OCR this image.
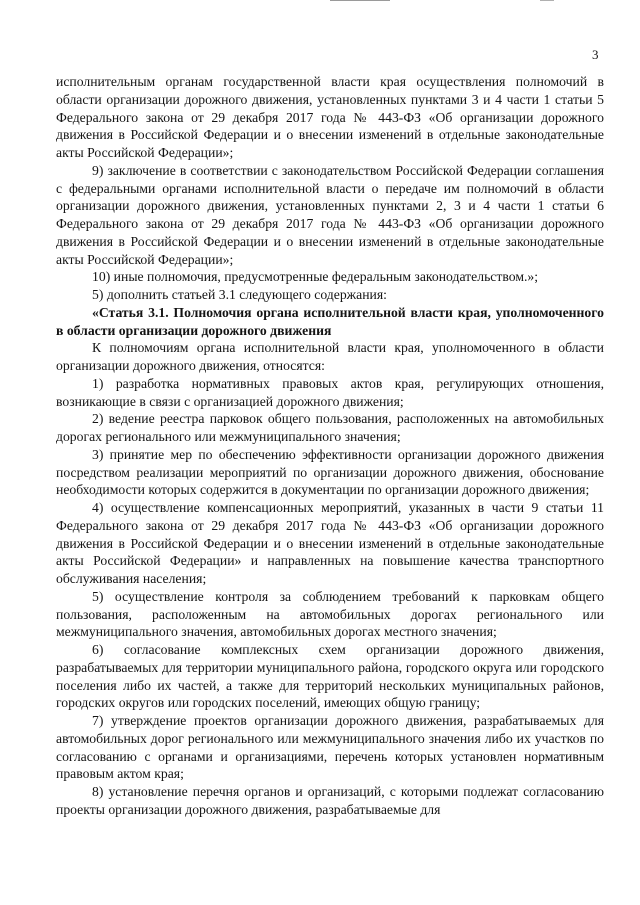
3

исполнительным органам государственной власти края осуществления полномочий в области организации дорожного движения, установленных пунктами 3 и 4 части 1 статьи 5 Федерального закона от 29 декабря 2017 года № 443-ФЗ «Об организации дорожного движения в Российской Федерации и о внесении изменений в отдельные законодательные акты Российской Федерации»;

9) заключение в соответствии с законодательством Российской Федерации соглашения с федеральными органами исполнительной власти о передаче им полномочий в области организации дорожного движения, установленных пунктами 2, 3 и 4 части 1 статьи 6 Федерального закона от 29 декабря 2017 года № 443-ФЗ «Об организации дорожного движения в Российской Федерации и о внесении изменений в отдельные законодательные акты Российской Федерации»;

10) иные полномочия, предусмотренные федеральным законодательством.»;

5) дополнить статьей 3.1 следующего содержания:

«Статья 3.1. Полномочия органа исполнительной власти края, уполномоченного в области организации дорожного движения

К полномочиям органа исполнительной власти края, уполномоченного в области организации дорожного движения, относятся:

1) разработка нормативных правовых актов края, регулирующих отношения, возникающие в связи с организацией дорожного движения;

2) ведение реестра парковок общего пользования, расположенных на автомобильных дорогах регионального или межмуниципального значения;

3) принятие мер по обеспечению эффективности организации дорожного движения посредством реализации мероприятий по организации дорожного движения, обоснование необходимости которых содержится в документации по организации дорожного движения;

4) осуществление компенсационных мероприятий, указанных в части 9 статьи 11 Федерального закона от 29 декабря 2017 года № 443-ФЗ «Об организации дорожного движения в Российской Федерации и о внесении изменений в отдельные законодательные акты Российской Федерации» и направленных на повышение качества транспортного обслуживания населения;

5) осуществление контроля за соблюдением требований к парковкам общего пользования, расположенным на автомобильных дорогах регионального или межмуниципального значения, автомобильных дорогах местного значения;

6) согласование комплексных схем организации дорожного движения, разрабатываемых для территории муниципального района, городского округа или городского поселения либо их частей, а также для территорий нескольких муниципальных районов, городских округов или городских поселений, имеющих общую границу;

7) утверждение проектов организации дорожного движения, разрабатываемых для автомобильных дорог регионального или межмуниципального значения либо их участков по согласованию с органами и организациями, перечень которых установлен нормативным правовым актом края;

8) установление перечня органов и организаций, с которыми подлежат согласованию проекты организации дорожного движения, разрабатываемые для
